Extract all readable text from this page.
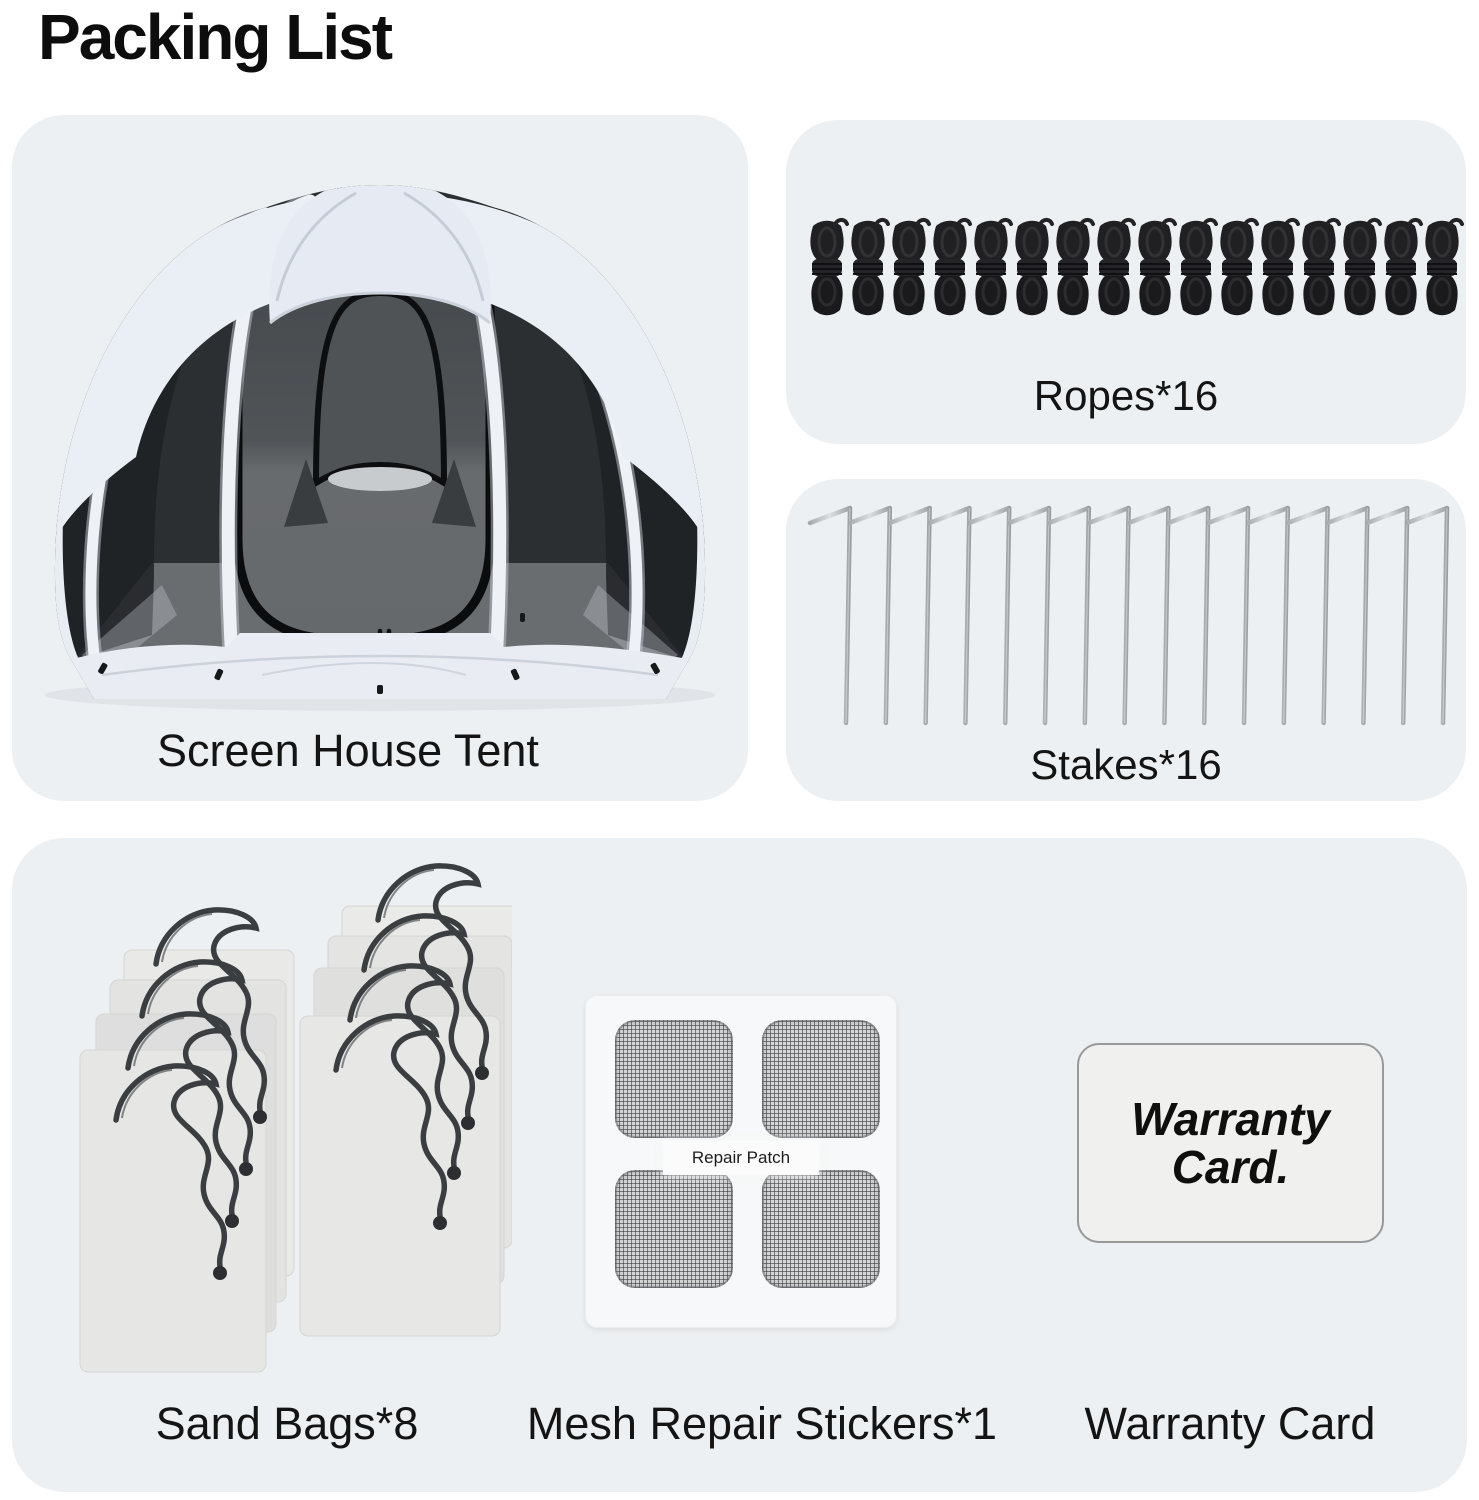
Packing List
Screen House Tent
Ropes*16
Stakes*16
Repair Patch
Warranty
Card.
Sand Bags*8 Mesh Repair Stickers*1 Warranty Card
